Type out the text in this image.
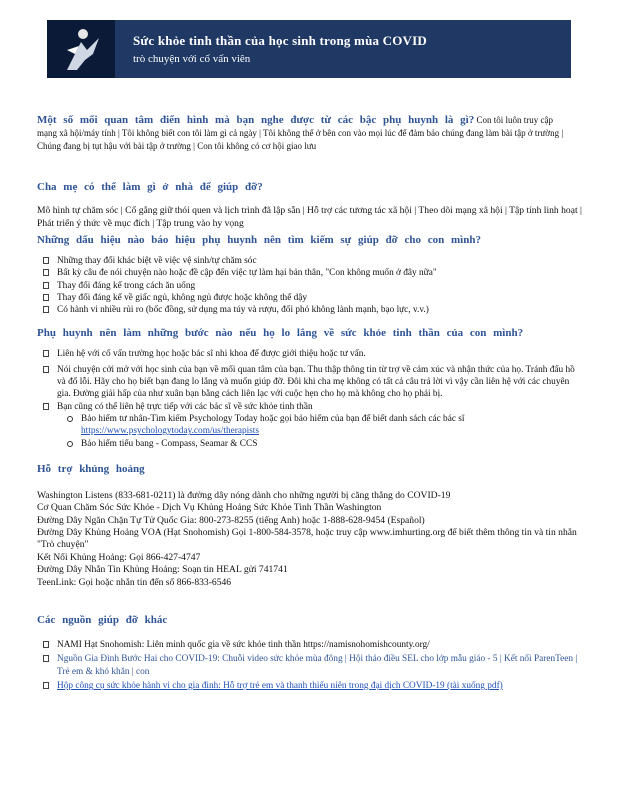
Sức khỏe tinh thần của học sinh trong mùa COVID
trò chuyện với cố vấn viên

Một số mối quan tâm điển hình mà bạn nghe được từ các bậc phụ huynh là gì? Con tôi luôn truy cập mạng xã hội/máy tính | Tôi không biết con tôi làm gì cả ngày | Tôi không thể ở bên con vào mọi lúc để đảm bảo chúng đang làm bài tập ở trường | Chúng đang bị tụt hậu với bài tập ở trường | Con tôi không có cơ hội giao lưu

Cha mẹ có thể làm gì ở nhà để giúp đỡ?

Mô hình tự chăm sóc | Cố gắng giữ thói quen và lịch trình đã lập sẵn | Hỗ trợ các tương tác xã hội | Theo dõi mạng xã hội | Tập tính linh hoạt | Phát triển ý thức về mục đích | Tập trung vào hy vọng

Những dấu hiệu nào báo hiệu phụ huynh nên tìm kiếm sự giúp đỡ cho con mình?
Những thay đổi khác biệt về việc vệ sinh/tự chăm sóc
Bất kỳ câu đe nói chuyện nào hoặc đề cập đến việc tự làm hại bản thân, "Con không muốn ở đây nữa"
Thay đổi đáng kể trong cách ăn uống
Thay đổi đáng kể về giấc ngủ, không ngủ được hoặc không thể dậy
Có hành vi nhiều rủi ro (bốc đồng, sử dụng ma túy và rượu, đối phó không lành mạnh, bạo lực, v.v.)
Phụ huynh nên làm những bước nào nếu họ lo lắng về sức khỏe tinh thần của con mình?
Liên hệ với cố vấn trường học hoặc bác sĩ nhi khoa để được giới thiệu hoặc tư vấn.
Nói chuyện cởi mở với học sinh của bạn về mối quan tâm của bạn. Thu thập thông tin từ trợ về cảm xúc và nhận thức của họ. Tránh đấu hồ và đổ lỗi. Hãy cho họ biết bạn đang lo lắng và muốn giúp đỡ. Đôi khi cha mẹ không có tất cả câu trả lời vì vậy cần liên hệ với các chuyên gia. Đường giải hấp của như xuân bạn bằng cách liên lạc với cuộc hẹn cho họ mà không cho họ phải bị.
Bạn cũng có thể liên hệ trực tiếp với các bác sĩ về sức khỏe tinh thần
Bảo hiểm tư nhân-Tìm kiếm Psychology Today hoặc gọi bảo hiểm của bạn để biết danh sách các bác sĩ
https://www.psychologytoday.com/us/therapists
Bảo hiểm tiểu bang - Compass, Seamar & CCS
Hỗ trợ khủng hoảng
Washington Listens (833-681-0211) là đường dây nóng dành cho những người bị căng thẳng do COVID-19
Cơ Quan Chăm Sóc Sức Khỏe - Dịch Vụ Khủng Hoảng Sức Khỏe Tinh Thần Washington
Đường Dây Ngăn Chặn Tự Tử Quốc Gia: 800-273-8255 (tiếng Anh) hoặc 1-888-628-9454 (Español)
Đường Dây Khủng Hoảng VOA (Hạt Snohomish) Gọi 1-800-584-3578, hoặc truy cập www.imhurting.org để biết thêm thông tin và tin nhắn "Trò chuyện"
Kết Nối Khủng Hoảng: Gọi 866-427-4747
Đường Dây Nhắn Tin Khủng Hoảng: Soạn tin HEAL gửi 741741
TeenLink: Gọi hoặc nhắn tin đến số 866-833-6546
Các nguồn giúp đỡ khác
NAMI Hạt Snohomish: Liên minh quốc gia về sức khỏe tinh thần https://namisnohomishcounty.org/
Nguồn Gia Đình Bước Hai cho COVID-19: Chuỗi video sức khỏe mùa đông | Hội thảo điều SEL cho lớp mẫu giáo - 5 | Kết nối ParenTeen | Trẻ em & khó khăn | con
Hộp công cụ sức khỏe hành vi cho gia đình: Hỗ trợ trẻ em và thanh thiếu niên trong đại dịch COVID-19 (tài xuống pdf)
